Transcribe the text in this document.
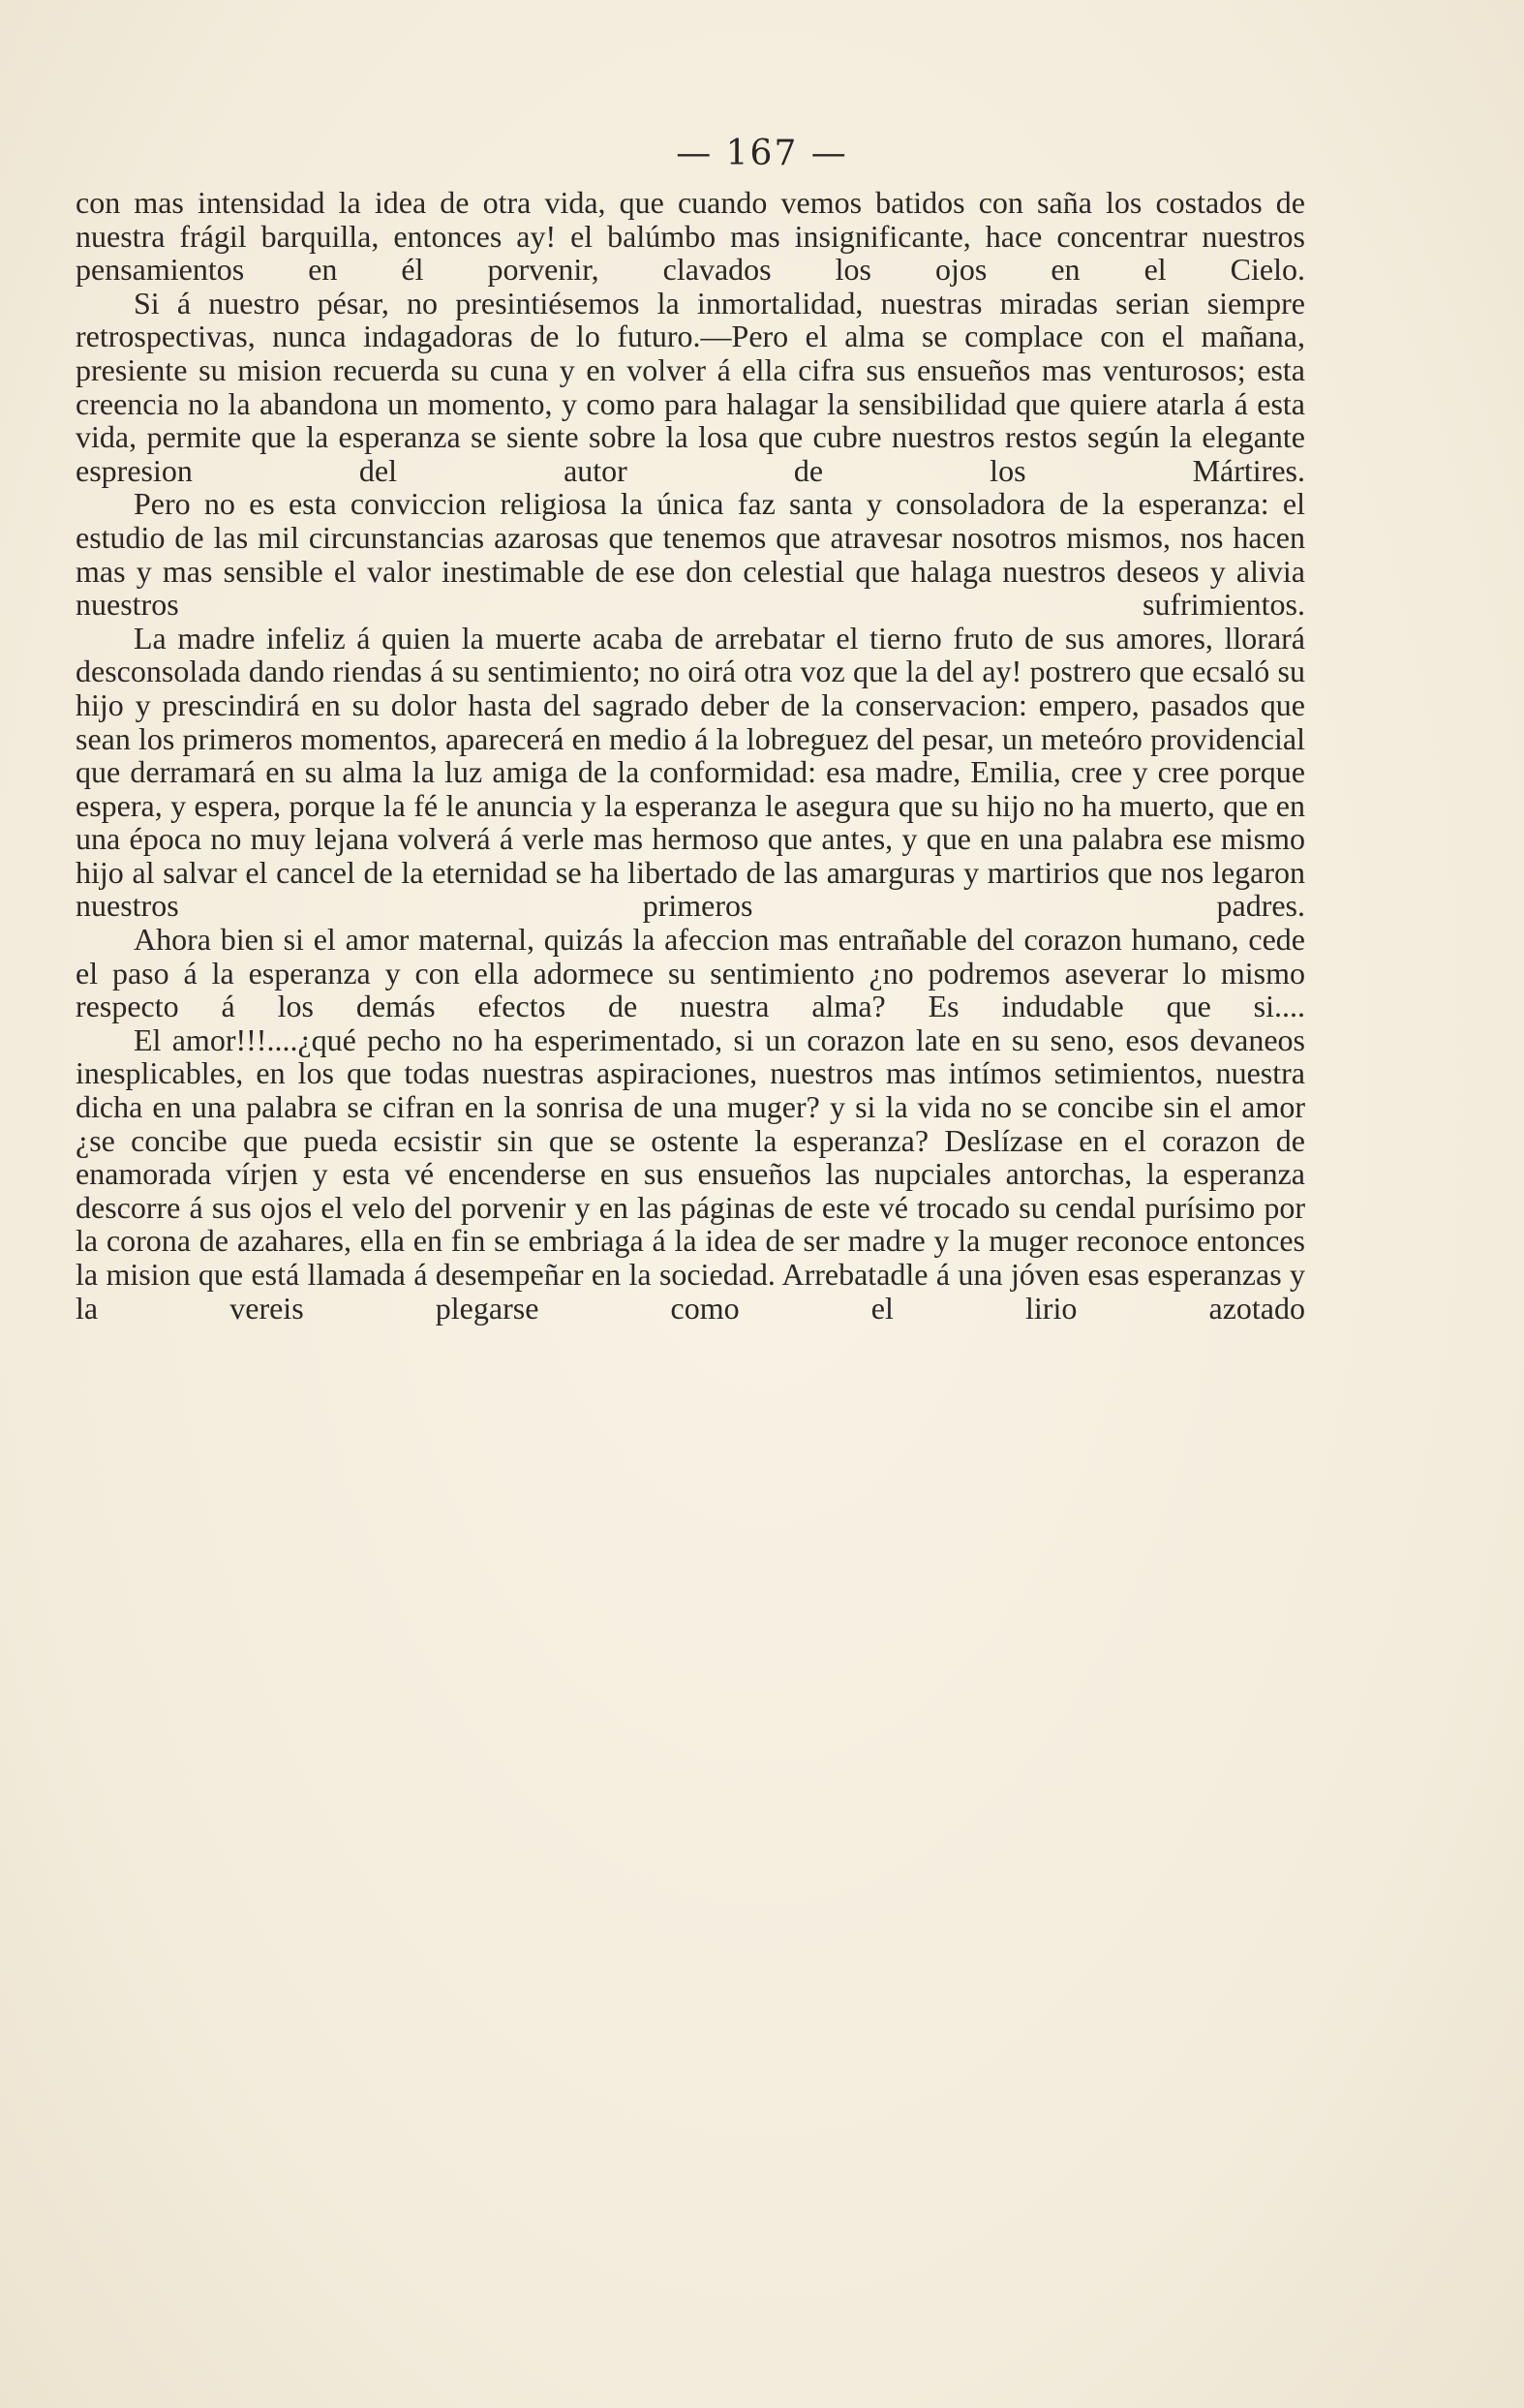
— 167 —

con mas intensidad la idea de otra vida, que cuando vemos batidos con saña los costados de nuestra frágil barquilla, entonces ay! el balúmbo mas insignificante, hace concentrar nuestros pensamientos en él porvenir, clavados los ojos en el Cielo.

Si á nuestro pésar, no presintiésemos la inmortalidad, nuestras miradas serian siempre retrospectivas, nunca indagadoras de lo futuro.—Pero el alma se complace con el mañana, presiente su mision recuerda su cuna y en volver á ella cifra sus ensueños mas venturosos; esta creencia no la abandona un momento, y como para halagar la sensibilidad que quiere atarla á esta vida, permite que la esperanza se siente sobre la losa que cubre nuestros restos según la elegante espresion del autor de los Mártires.

Pero no es esta conviccion religiosa la única faz santa y consoladora de la esperanza: el estudio de las mil circunstancias azarosas que tenemos que atravesar nosotros mismos, nos hacen mas y mas sensible el valor inestimable de ese don celestial que halaga nuestros deseos y alivia nuestros sufrimientos.

La madre infeliz á quien la muerte acaba de arrebatar el tierno fruto de sus amores, llorará desconsolada dando riendas á su sentimiento; no oirá otra voz que la del ay! postrero que ecsaló su hijo y prescindirá en su dolor hasta del sagrado deber de la conservacion: empero, pasados que sean los primeros momentos, aparecerá en medio á la lobreguez del pesar, un meteóro providencial que derramará en su alma la luz amiga de la conformidad: esa madre, Emilia, cree y cree porque espera, y espera, porque la fé le anuncia y la esperanza le asegura que su hijo no ha muerto, que en una época no muy lejana volverá á verle mas hermoso que antes, y que en una palabra ese mismo hijo al salvar el cancel de la eternidad se ha libertado de las amarguras y martirios que nos legaron nuestros primeros padres.

Ahora bien si el amor maternal, quizás la afeccion mas entrañable del corazon humano, cede el paso á la esperanza y con ella adormece su sentimiento ¿no podremos aseverar lo mismo respecto á los demás efectos de nuestra alma? Es indudable que si....

El amor!!!....¿qué pecho no ha esperimentado, si un corazon late en su seno, esos devaneos inesplicables, en los que todas nuestras aspiraciones, nuestros mas intímos setimientos, nuestra dicha en una palabra se cifran en la sonrisa de una muger? y si la vida no se concibe sin el amor ¿se concibe que pueda ecsistir sin que se ostente la esperanza? Deslízase en el corazon de enamorada vírjen y esta vé encenderse en sus ensueños las nupciales antorchas, la esperanza descorre á sus ojos el velo del porvenir y en las páginas de este vé trocado su cendal purísimo por la corona de azahares, ella en fin se embriaga á la idea de ser madre y la muger reconoce entonces la mision que está llamada á desempeñar en la sociedad. Arrebatadle á una jóven esas esperanzas y la vereis plegarse como el lirio azotado
